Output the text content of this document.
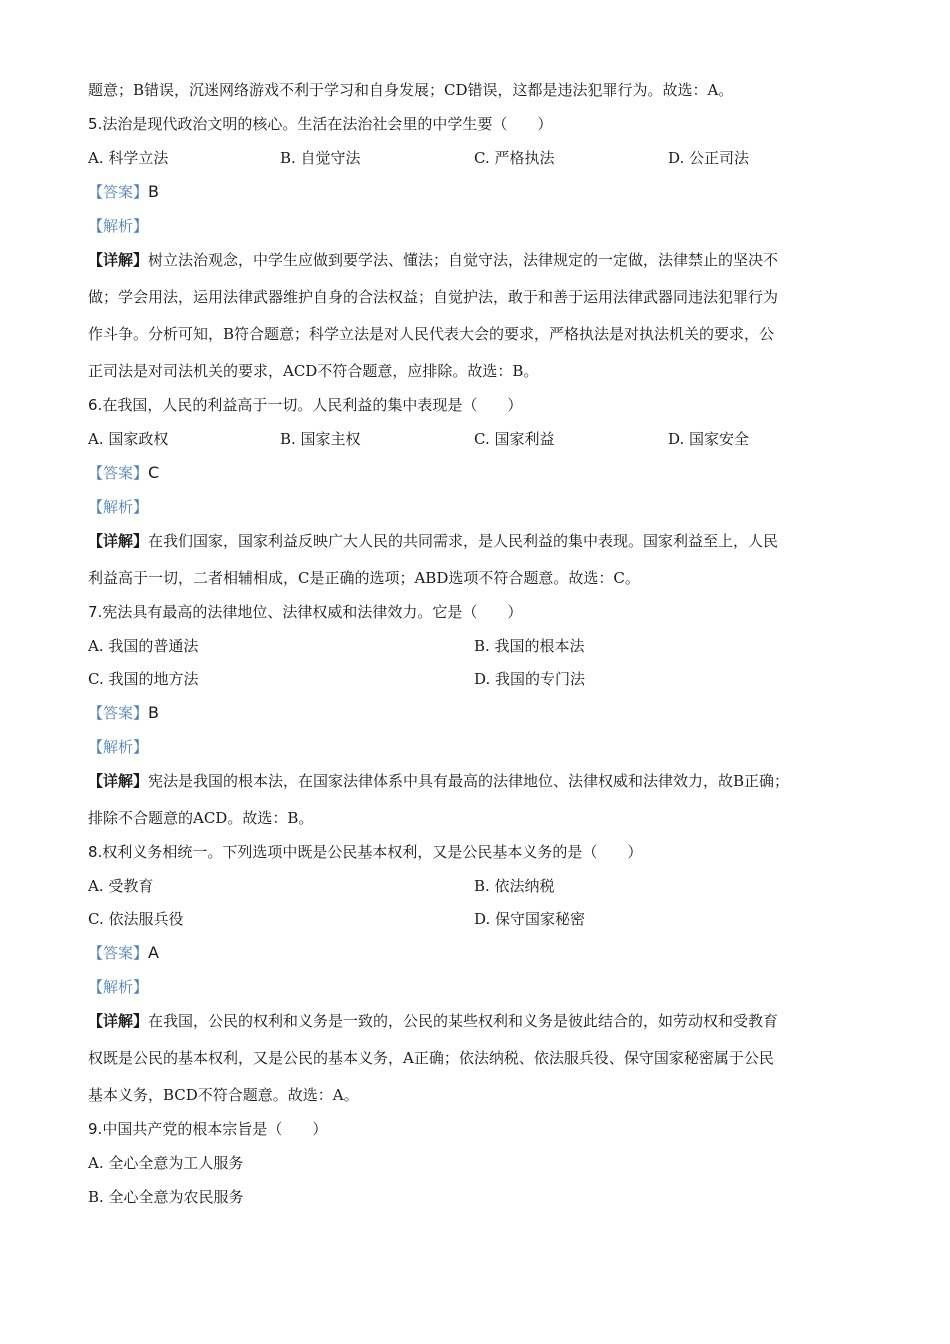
题意；B错误，沉迷网络游戏不利于学习和自身发展；CD错误，这都是违法犯罪行为。故选：A。
5.法治是现代政治文明的核心。生活在法治社会里的中学生要（　　）
A. 科学立法	B. 自觉守法	C. 严格执法	D. 公正司法
【答案】B
【解析】
【详解】树立法治观念，中学生应做到要学法、懂法；自觉守法，法律规定的一定做，法律禁止的坚决不
做；学会用法，运用法律武器维护自身的合法权益；自觉护法，敢于和善于运用法律武器同违法犯罪行为
作斗争。分析可知，B符合题意；科学立法是对人民代表大会的要求，严格执法是对执法机关的要求，公
正司法是对司法机关的要求，ACD不符合题意，应排除。故选：B。
6.在我国，人民的利益高于一切。人民利益的集中表现是（　　）
A. 国家政权	B. 国家主权	C. 国家利益	D. 国家安全
【答案】C
【解析】
【详解】在我们国家，国家利益反映广大人民的共同需求，是人民利益的集中表现。国家利益至上，人民
利益高于一切，二者相辅相成，C是正确的选项；ABD选项不符合题意。故选：C。
7.宪法具有最高的法律地位、法律权威和法律效力。它是（　　）
A. 我国的普通法	B. 我国的根本法
C. 我国的地方法	D. 我国的专门法
【答案】B
【解析】
【详解】宪法是我国的根本法，在国家法律体系中具有最高的法律地位、法律权威和法律效力，故B正确；
排除不合题意的ACD。故选：B。
8.权利义务相统一。下列选项中既是公民基本权利，又是公民基本义务的是（　　）
A. 受教育	B. 依法纳税
C. 依法服兵役	D. 保守国家秘密
【答案】A
【解析】
【详解】在我国，公民的权利和义务是一致的，公民的某些权利和义务是彼此结合的，如劳动权和受教育
权既是公民的基本权利，又是公民的基本义务，A正确；依法纳税、依法服兵役、保守国家秘密属于公民
基本义务，BCD不符合题意。故选：A。
9.中国共产党的根本宗旨是（　　）
A. 全心全意为工人服务
B. 全心全意为农民服务
